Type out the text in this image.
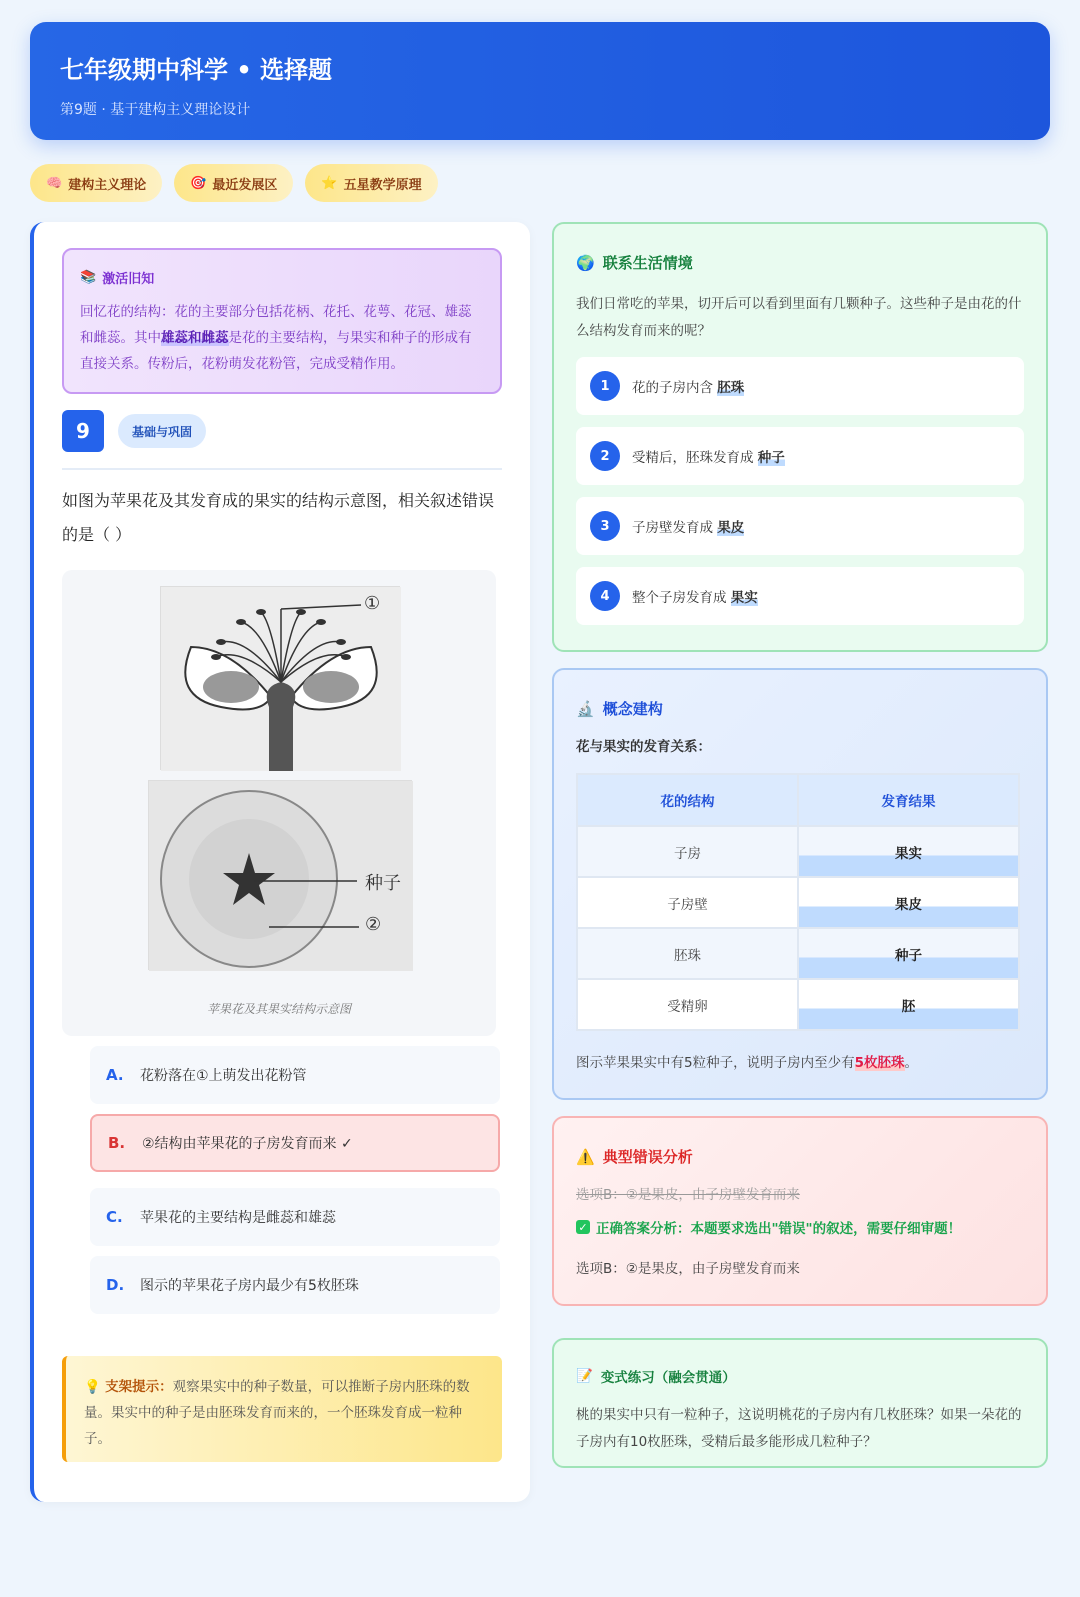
七年级期中科学 • 选择题
第9题 · 基于建构主义理论设计
🧠 建构主义理论	🎯 最近发展区	⭐ 五星教学原理
📚 激活旧知

回忆花的结构：花的主要部分包括花柄、花托、花萼、花冠、雄蕊和雌蕊。其中雄蕊和雌蕊是花的主要结构，与果实和种子的形成有直接关系。传粉后，花粉萌发花粉管，完成受精作用。

9	基础与巩固
如图为苹果花及其发育成的果实的结构示意图，相关叙述错误的是（ ）
①
种子
②
苹果花及其果实结构示意图
A.	花粉落在①上萌发出花粉管
B.	②结构由苹果花的子房发育而来 ✓
C.	苹果花的主要结构是雌蕊和雄蕊
D.	图示的苹果花子房内最少有5枚胚珠
💡 支架提示：观察果实中的种子数量，可以推断子房内胚珠的数量。果实中的种子是由胚珠发育而来的，一个胚珠发育成一粒种子。
🌍 联系生活情境

我们日常吃的苹果，切开后可以看到里面有几颗种子。这些种子是由花的什么结构发育而来的呢？

1	花的子房内含 胚珠
2	受精后，胚珠发育成 种子
3	子房壁发育成 果皮
4	整个子房发育成 果实
🔬 概念建构
花与果实的发育关系：
花的结构	发育结果
子房	果实
子房壁	果皮
胚珠	种子
受精卵	胚
图示苹果果实中有5粒种子，说明子房内至少有5枚胚珠。
⚠️ 典型错误分析
选项B：②是果皮，由子房壁发育而来
✓ 正确答案分析：本题要求选出"错误"的叙述，需要仔细审题！
选项B：②是果皮，由子房壁发育而来
📝 变式练习（融会贯通）

桃的果实中只有一粒种子，这说明桃花的子房内有几枚胚珠？如果一朵花的子房内有10枚胚珠，受精后最多能形成几粒种子？
